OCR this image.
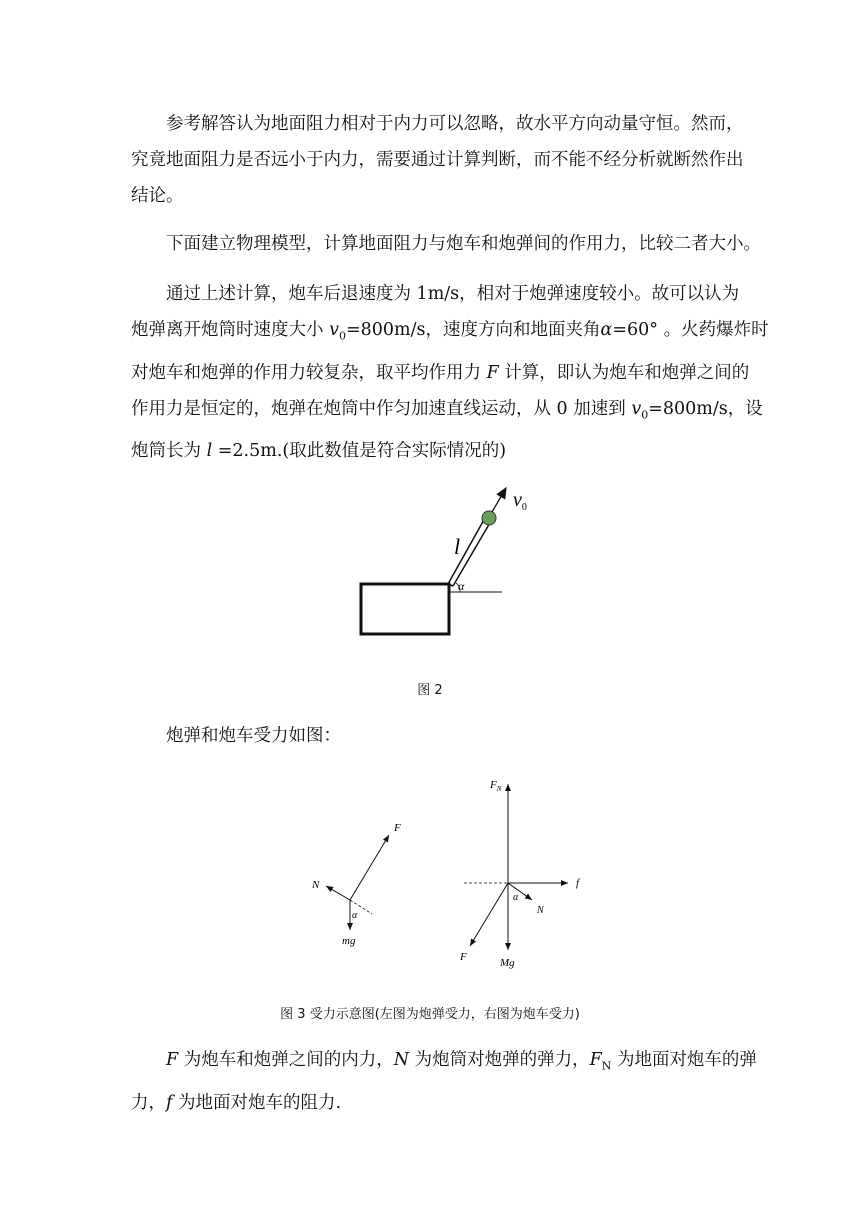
参考解答认为地面阻力相对于内力可以忽略，故水平方向动量守恒。然而，
究竟地面阻力是否远小于内力，需要通过计算判断，而不能不经分析就断然作出
结论。
下面建立物理模型，计算地面阻力与炮车和炮弹间的作用力，比较二者大小。
通过上述计算，炮车后退速度为 1m/s，相对于炮弹速度较小。故可以认为
炮弹离开炮筒时速度大小 $v_0=800m/s$，速度方向和地面夹角α=60° 。火药爆炸时
对炮车和炮弹的作用力较复杂，取平均作用力 F 计算，即认为炮车和炮弹之间的
作用力是恒定的，炮弹在炮筒中作匀加速直线运动，从 0 加速到 $v_0=800m/s$，设
炮筒长为 l =2.5m.(取此数值是符合实际情况的)
$v_0$
l
α
图 2
炮弹和炮车受力如图：
F
N
mg
α
$F_N$
f
N
α
F	Mg
图 3 受力示意图(左图为炮弹受力，右图为炮车受力)
F 为炮车和炮弹之间的内力，N 为炮筒对炮弹的弹力，$F_N$ 为地面对炮车的弹
力，f 为地面对炮车的阻力.
